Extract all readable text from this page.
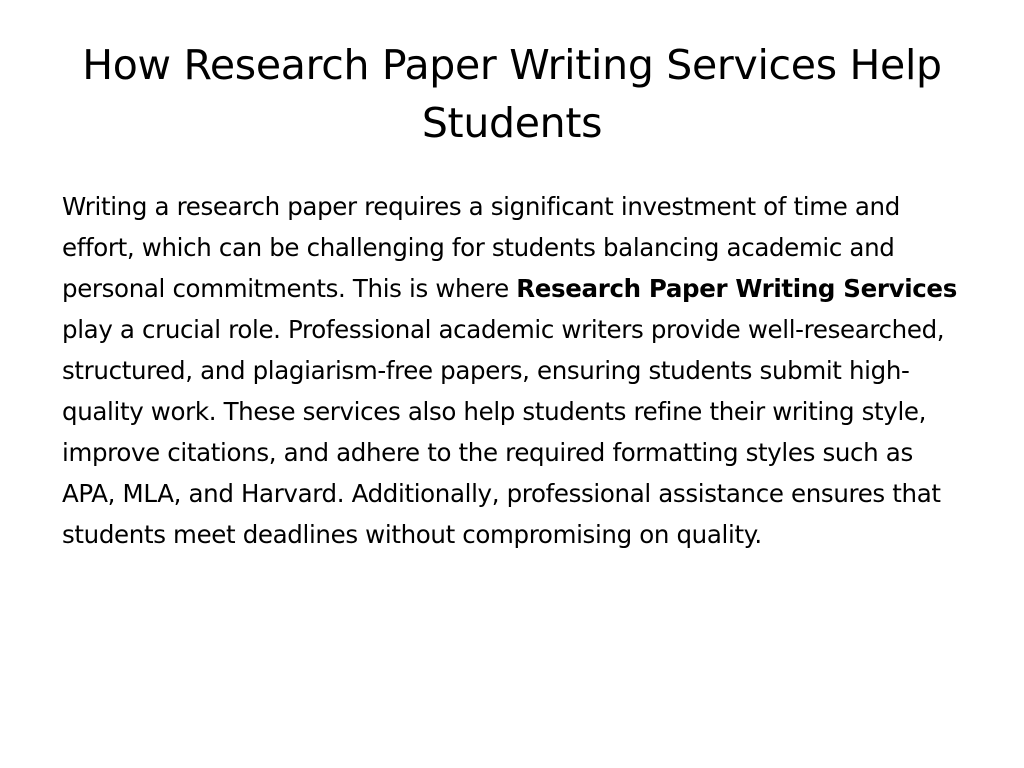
How Research Paper Writing Services Help Students

Writing a research paper requires a significant investment of time and effort, which can be challenging for students balancing academic and personal commitments. This is where Research Paper Writing Services play a crucial role. Professional academic writers provide well-researched, structured, and plagiarism-free papers, ensuring students submit high-quality work. These services also help students refine their writing style, improve citations, and adhere to the required formatting styles such as APA, MLA, and Harvard. Additionally, professional assistance ensures that students meet deadlines without compromising on quality.
